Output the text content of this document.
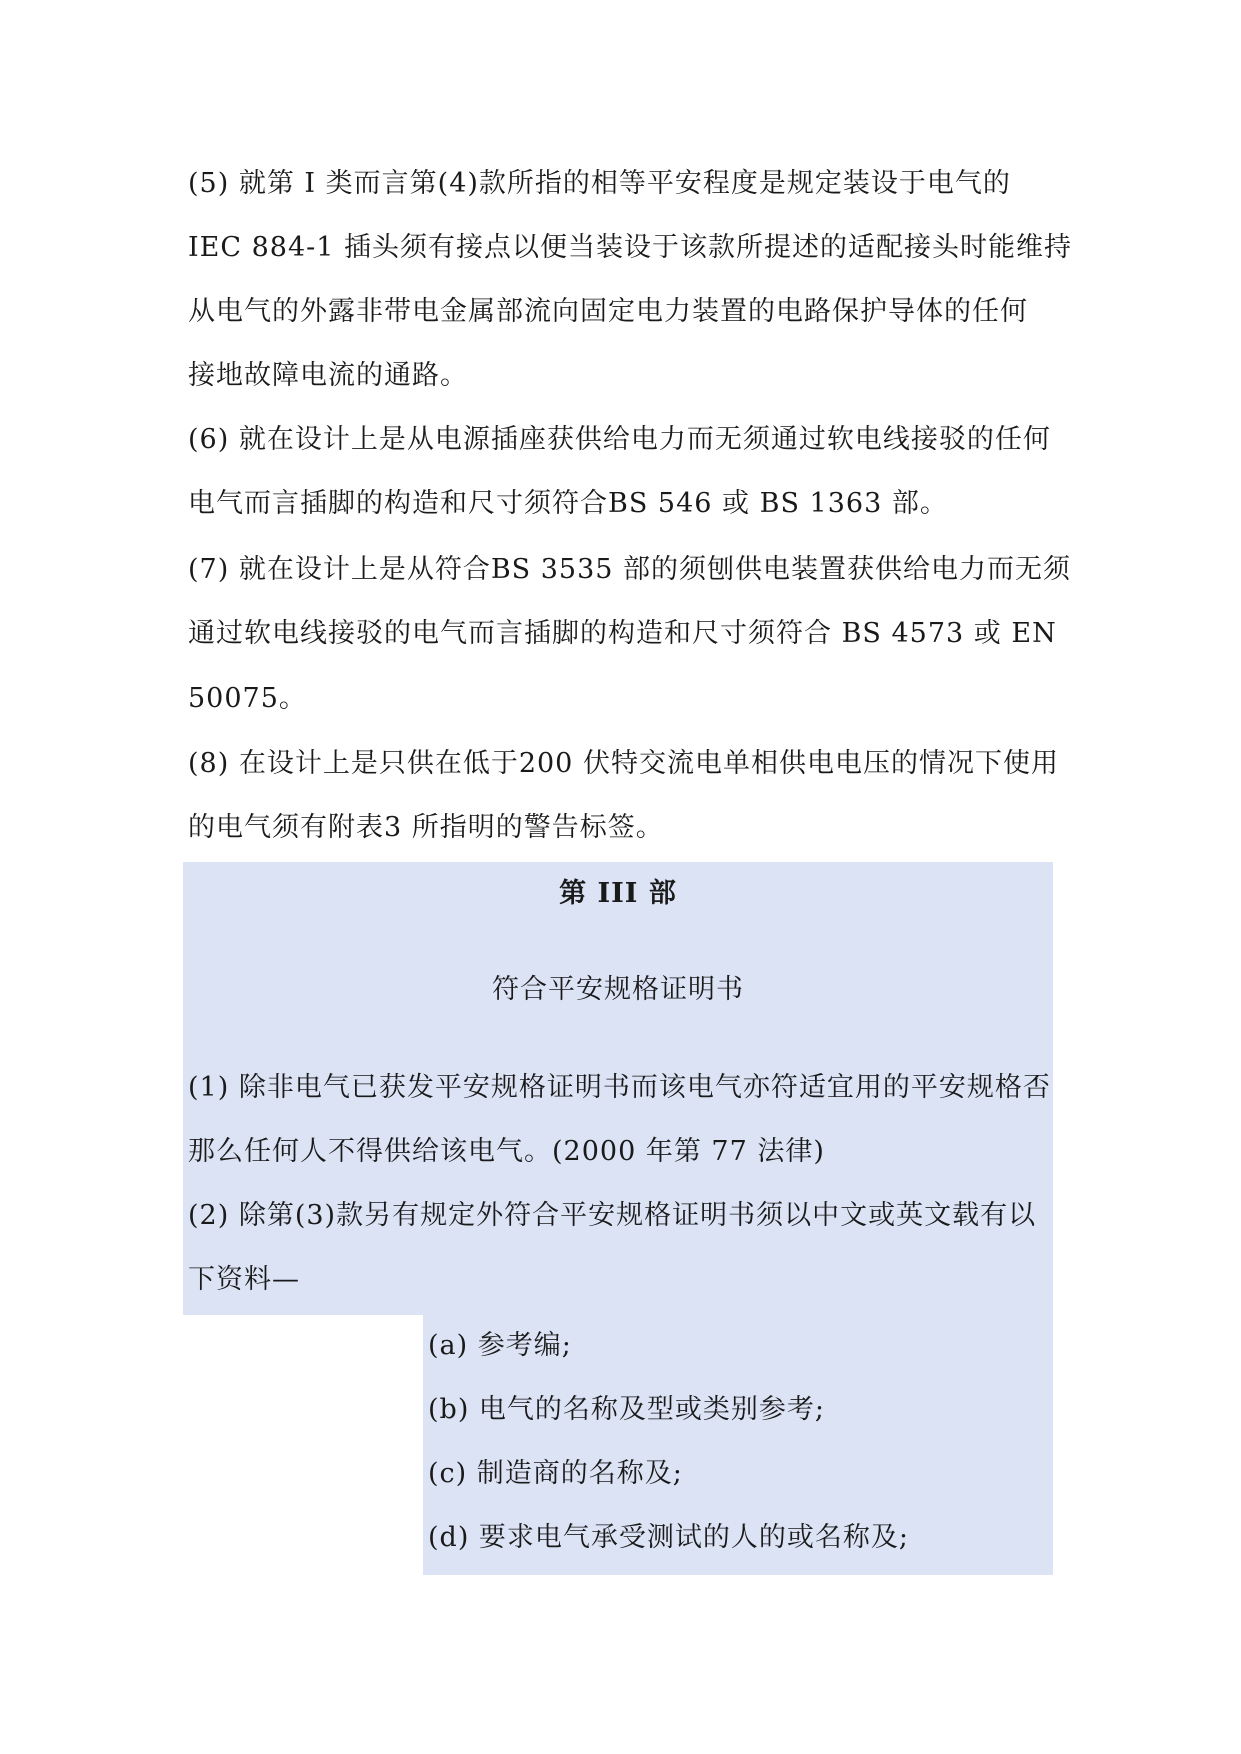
(5) 就第 I 类而言第(4)款所指的相等平安程度是规定装设于电气的
IEC 884-1 插头须有接点以便当装设于该款所提述的适配接头时能维持
从电气的外露非带电金属部流向固定电力装置的电路保护导体的任何
接地故障电流的通路。
(6) 就在设计上是从电源插座获供给电力而无须通过软电线接驳的任何
电气而言插脚的构造和尺寸须符合BS 546 或 BS 1363 部。
(7) 就在设计上是从符合BS 3535 部的须刨供电装置获供给电力而无须
通过软电线接驳的电气而言插脚的构造和尺寸须符合 BS 4573 或 EN
50075。
(8) 在设计上是只供在低于200 伏特交流电单相供电电压的情况下使用
的电气须有附表3 所指明的警告标签。
第 III 部
符合平安规格证明书
(1) 除非电气已获发平安规格证明书而该电气亦符适宜用的平安规格否
那么任何人不得供给该电气。(2000 年第 77 法律)
(2) 除第(3)款另有规定外符合平安规格证明书须以中文或英文载有以
下资料—
(a) 参考编;
(b) 电气的名称及型或类别参考;
(c) 制造商的名称及;
(d) 要求电气承受测试的人的或名称及;
